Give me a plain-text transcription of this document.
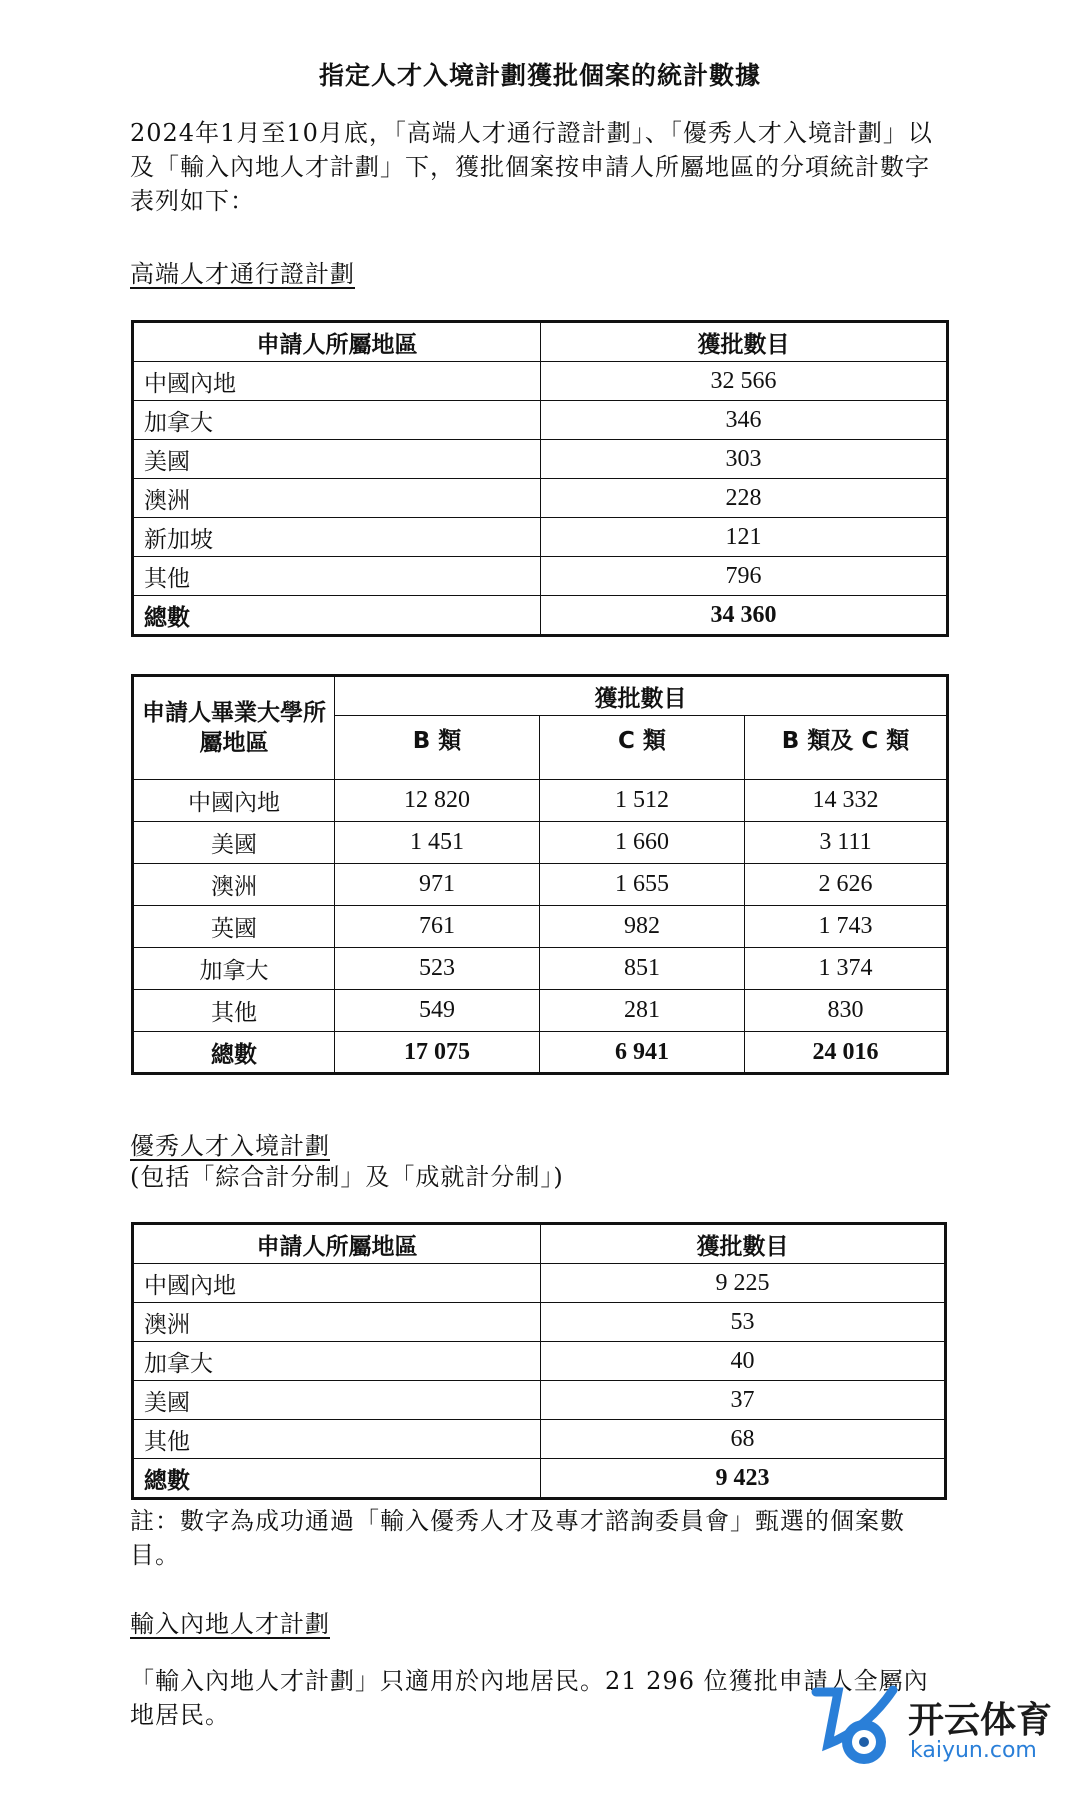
指定人才入境計劃獲批個案的統計數據
2024年1月至10月底，「高端人才通行證計劃」、「優秀人才入境計劃」以及「輸入內地人才計劃」下，獲批個案按申請人所屬地區的分項統計數字表列如下：
高端人才通行證計劃
申請人所屬地區	獲批數目
中國內地	32 566
加拿大	346
美國	303
澳洲	228
新加坡	121
其他	796
總數	34 360
申請人畢業大學所屬地區	獲批數目		
	B 類	C 類	B 類及 C 類
中國內地	12 820	1 512	14 332
美國	1 451	1 660	3 111
澳洲	971	1 655	2 626
英國	761	982	1 743
加拿大	523	851	1 374
其他	549	281	830
總數	17 075	6 941	24 016
優秀人才入境計劃
(包括「綜合計分制」及「成就計分制」)
申請人所屬地區	獲批數目
中國內地	9 225
澳洲	53
加拿大	40
美國	37
其他	68
總數	9 423
註：數字為成功通過「輸入優秀人才及專才諮詢委員會」甄選的個案數目。
輸入內地人才計劃
「輸入內地人才計劃」只適用於內地居民。21 296 位獲批申請人全屬內地居民。	开云体育
kaiyun.com
